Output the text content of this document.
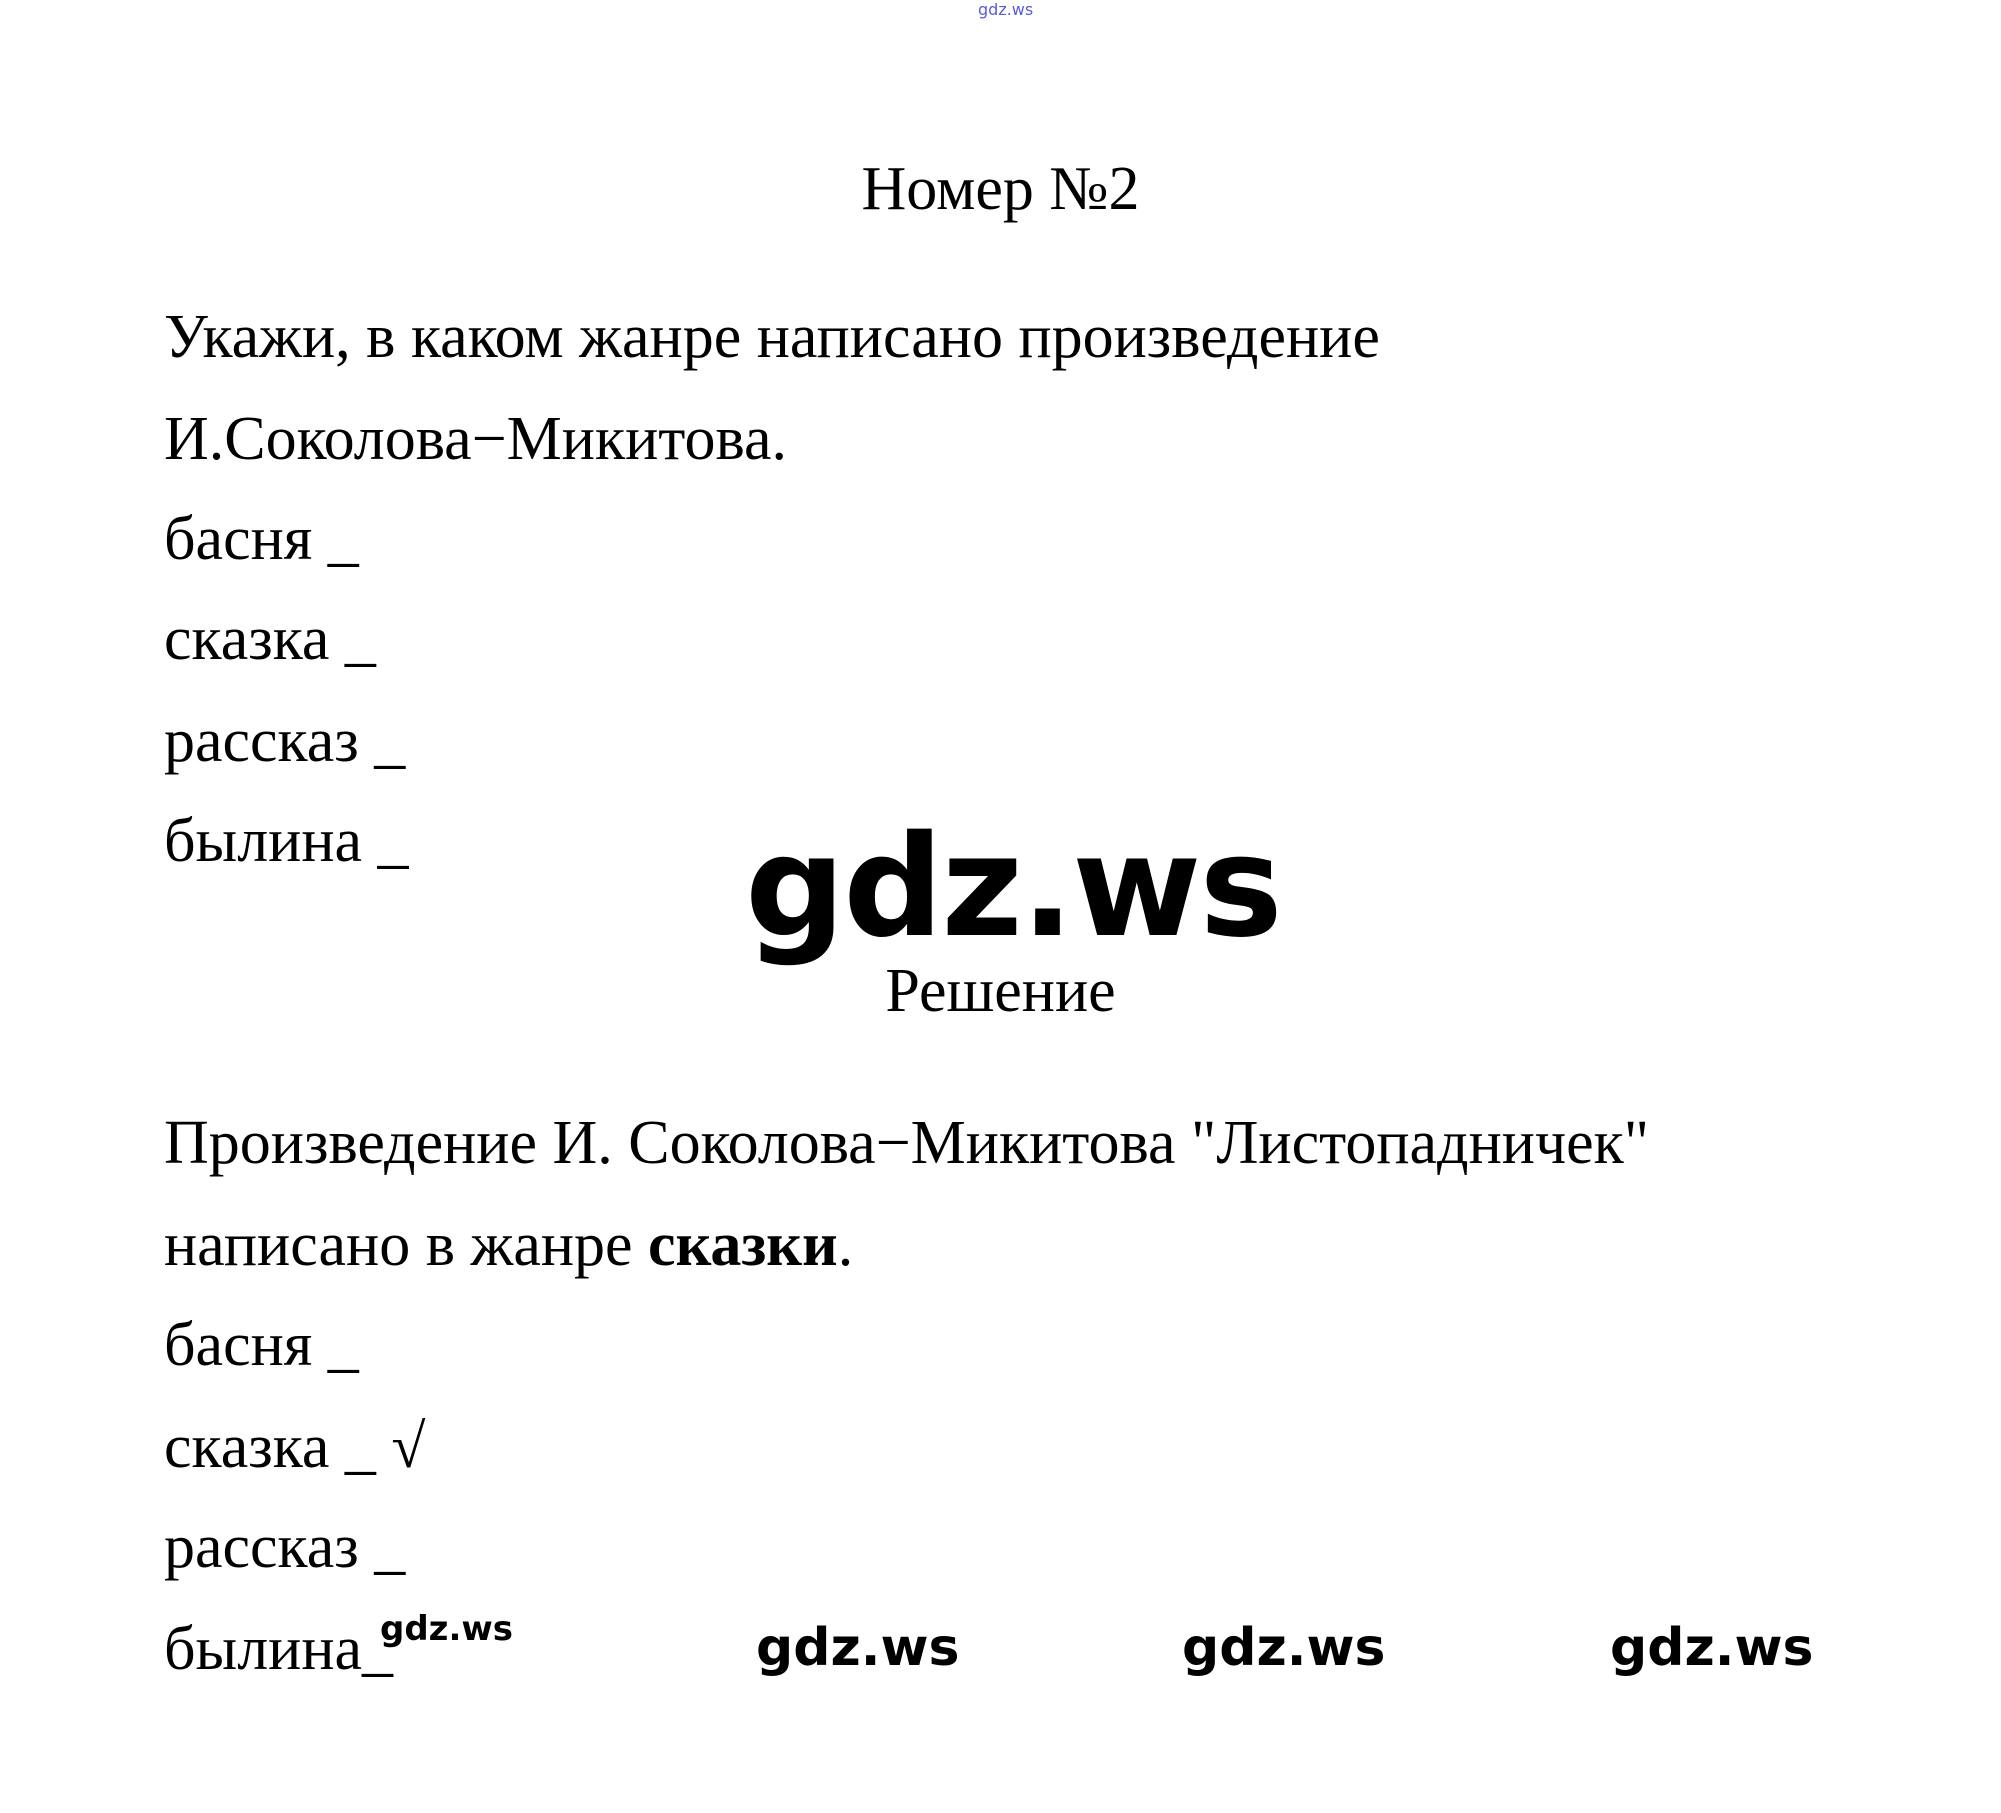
gdz.ws
Номер №2
Укажи, в каком жанре написано произведение
И.Соколова−Микитова.
басня _
сказка _
рассказ _
былина _ gdz.ws
Решение
Произведение И. Соколова−Микитова "Листопадничек"
написано в жанре сказки.
басня _
сказка _ √
рассказ _
былина_
gdz.ws	gdz.ws	gdz.ws	gdz.ws
